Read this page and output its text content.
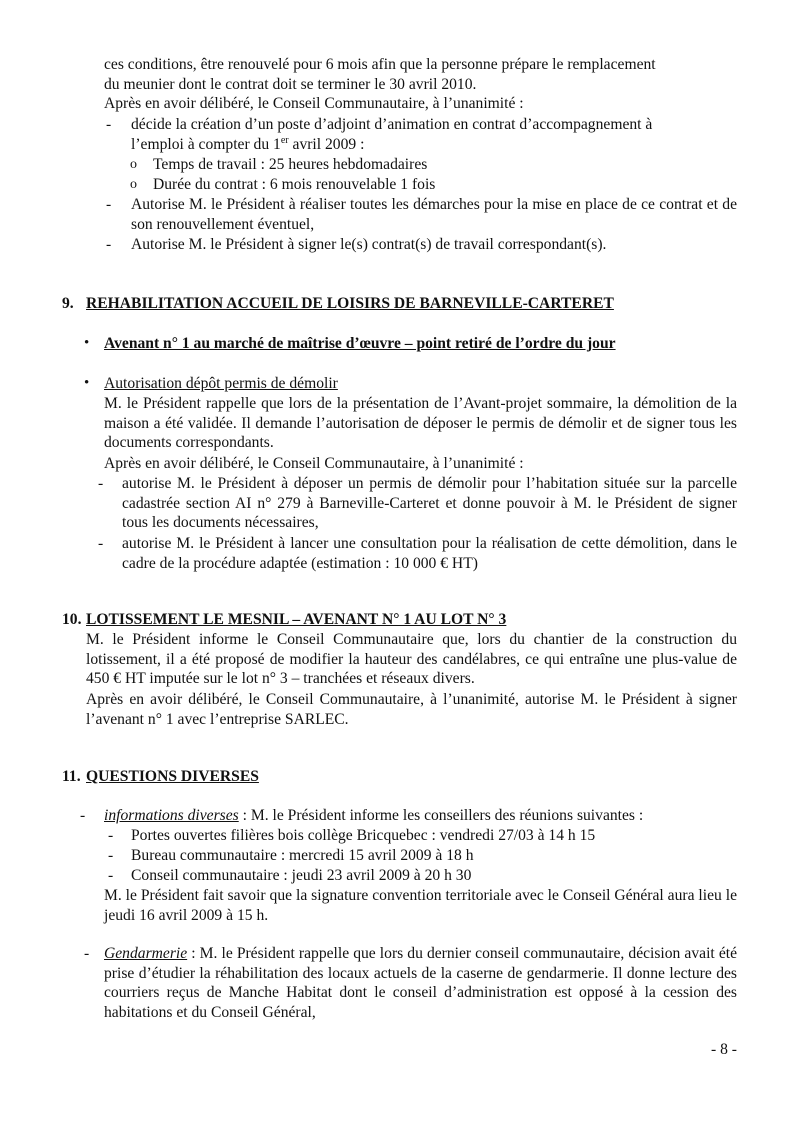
ces conditions, être renouvelé pour 6 mois afin que la personne prépare le remplacement

du meunier dont le contrat doit se terminer le 30 avril 2010.

Après en avoir délibéré, le Conseil Communautaire, à l’unanimité :

- décide la création d’un poste d’adjoint d’animation en contrat d’accompagnement à

l’emploi à compter du 1er avril 2009 :

o Temps de travail : 25 heures hebdomadaires
o Durée du contrat : 6 mois renouvelable 1 fois
- Autorise M. le Président à réaliser toutes les démarches pour la mise en place de ce contrat et de son renouvellement éventuel,
- Autorise M. le Président à signer le(s) contrat(s) de travail correspondant(s).
9. REHABILITATION ACCUEIL DE LOISIRS DE BARNEVILLE-CARTERET
• Avenant n° 1 au marché de maîtrise d’œuvre – point retiré de l’ordre du jour
• Autorisation dépôt permis de démolir
M. le Président rappelle que lors de la présentation de l’Avant-projet sommaire, la démolition de la maison a été validée. Il demande l’autorisation de déposer le permis de démolir et de signer tous les documents correspondants.
Après en avoir délibéré, le Conseil Communautaire, à l’unanimité :
- autorise M. le Président à déposer un permis de démolir pour l’habitation située sur la parcelle cadastrée section AI n° 279 à Barneville-Carteret et donne pouvoir à M. le Président de signer tous les documents nécessaires,
- autorise M. le Président à lancer une consultation pour la réalisation de cette démolition, dans le cadre de la procédure adaptée (estimation : 10 000 € HT)
10. LOTISSEMENT LE MESNIL – AVENANT N° 1 AU LOT N° 3
M. le Président informe le Conseil Communautaire que, lors du chantier de la construction du lotissement, il a été proposé de modifier la hauteur des candélabres, ce qui entraîne une plus-value de 450 € HT imputée sur le lot n° 3 – tranchées et réseaux divers.
Après en avoir délibéré, le Conseil Communautaire, à l’unanimité, autorise M. le Président à signer l’avenant n° 1 avec l’entreprise SARLEC.
11. QUESTIONS DIVERSES
- informations diverses : M. le Président informe les conseillers des réunions suivantes :
- Portes ouvertes filières bois collège Bricquebec : vendredi 27/03 à 14 h 15
- Bureau communautaire : mercredi 15 avril 2009 à 18 h
- Conseil communautaire : jeudi 23 avril 2009 à 20 h 30
M. le Président fait savoir que la signature convention territoriale avec le Conseil Général aura lieu le jeudi 16 avril 2009 à 15 h.
- Gendarmerie : M. le Président rappelle que lors du dernier conseil communautaire, décision avait été prise d’étudier la réhabilitation des locaux actuels de la caserne de gendarmerie. Il donne lecture des courriers reçus de Manche Habitat dont le conseil d’administration est opposé à la cession des habitations et du Conseil Général,
- 8 -
